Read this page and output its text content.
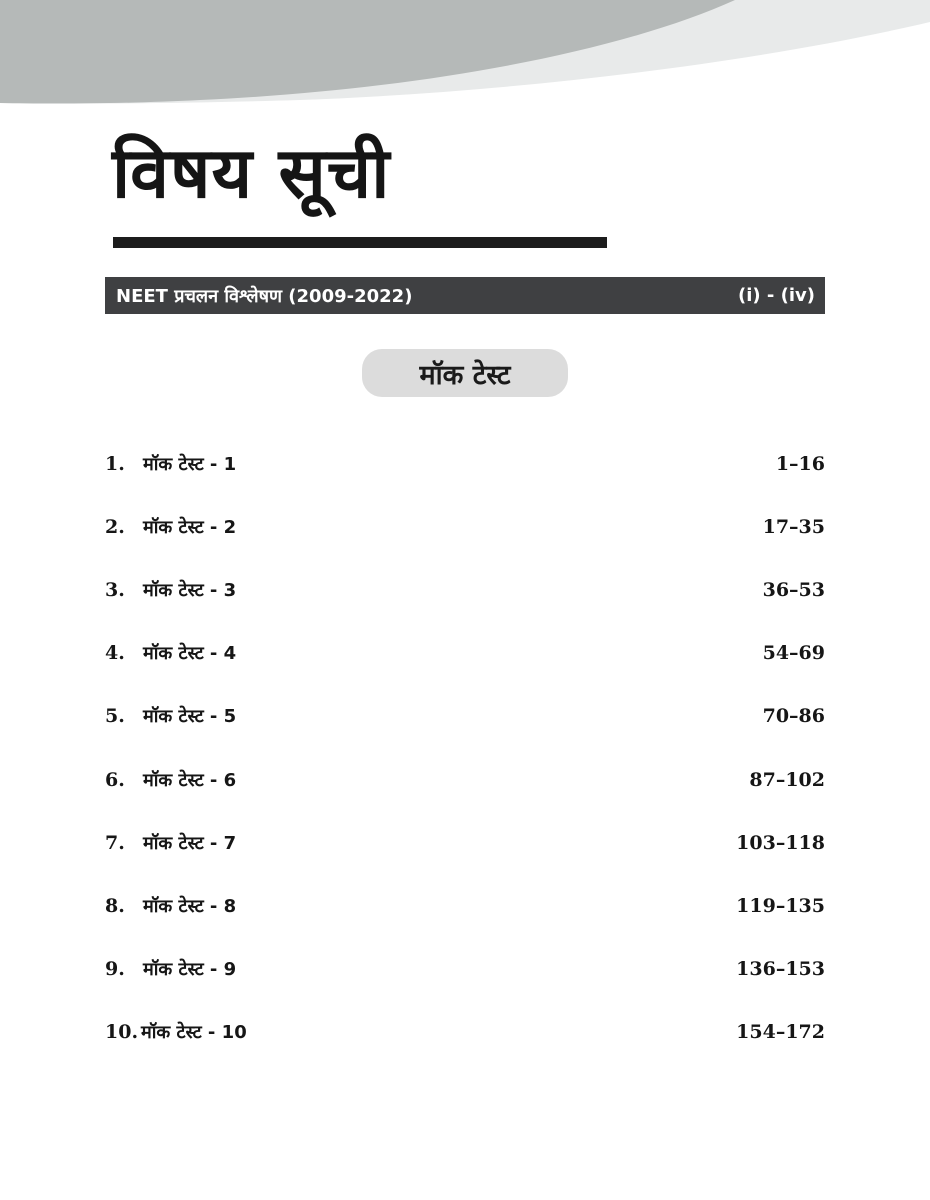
विषय सूची
NEET प्रचलन विश्लेषण (2009-2022)	(i) - (iv)
मॉक टेस्ट
1.	मॉक टेस्ट - 1	1–16
2.	मॉक टेस्ट - 2	17–35
3.	मॉक टेस्ट - 3	36–53
4.	मॉक टेस्ट - 4	54–69
5.	मॉक टेस्ट - 5	70–86
6.	मॉक टेस्ट - 6	87–102
7.	मॉक टेस्ट - 7	103–118
8.	मॉक टेस्ट - 8	119–135
9.	मॉक टेस्ट - 9	136–153
10. मॉक टेस्ट - 10	154–172
